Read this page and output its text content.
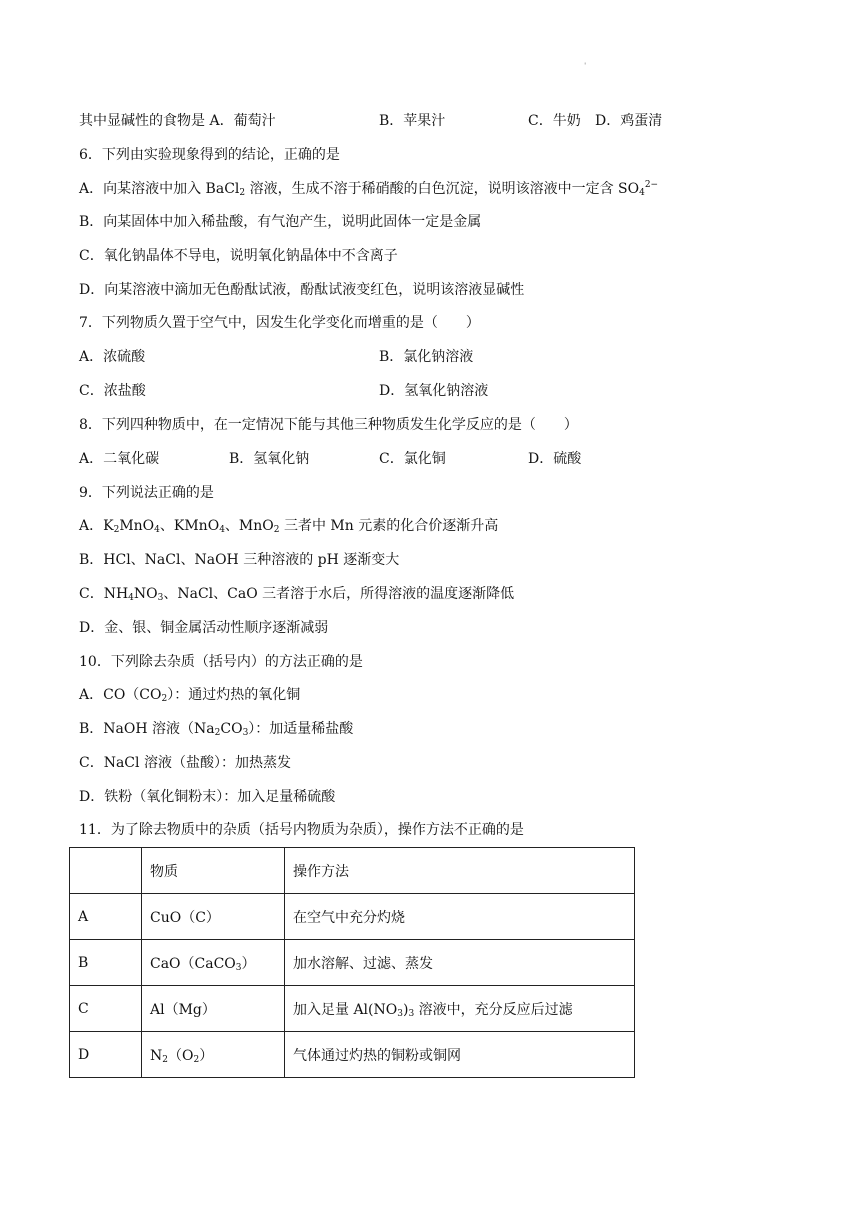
ˈ
其中显碱性的食物是 A．葡萄汁	B．苹果汁	C．牛奶 D．鸡蛋清
6．下列由实验现象得到的结论，正确的是
A．向某溶液中加入 BaCl$_2$ 溶液，生成不溶于稀硝酸的白色沉淀，说明该溶液中一定含 $SO_4^{2-}$
B．向某固体中加入稀盐酸，有气泡产生，说明此固体一定是金属
C．氧化钠晶体不导电，说明氧化钠晶体中不含离子
D．向某溶液中滴加无色酚酞试液，酚酞试液变红色，说明该溶液显碱性
7．下列物质久置于空气中，因发生化学变化而增重的是（　　）
A．浓硫酸	B．氯化钠溶液
C．浓盐酸	D．氢氧化钠溶液
8．下列四种物质中，在一定情况下能与其他三种物质发生化学反应的是（　　）
A．二氧化碳	B．氢氧化钠	C．氯化铜	D．硫酸
9．下列说法正确的是
A．$K_2MnO_4$、KMnO$_4$、MnO$_2$ 三者中 Mn 元素的化合价逐渐升高
B．HCl、NaCl、NaOH 三种溶液的 pH 逐渐变大
C．$NH_4NO_3$、NaCl、CaO 三者溶于水后，所得溶液的温度逐渐降低
D．金、银、铜金属活动性顺序逐渐减弱
10．下列除去杂质（括号内）的方法正确的是
A．$CO(CO_2)$：通过灼热的氧化铜
B．NaOH 溶液$(Na_2CO_3)$：加适量稀盐酸
C．NaCl 溶液（盐酸）：加热蒸发
D．铁粉（氧化铜粉末）：加入足量稀硫酸
11．为了除去物质中的杂质（括号内物质为杂质），操作方法不正确的是
	物质	操作方法
A	CuO（C）	在空气中充分灼烧
B	CaO（CaCO$_3$）	加水溶解、过滤、蒸发
C	Al（Mg）	加入足量 $Al(NO_3)_3$ 溶液中，充分反应后过滤
D	$N_2(O_2)$	气体通过灼热的铜粉或铜网
